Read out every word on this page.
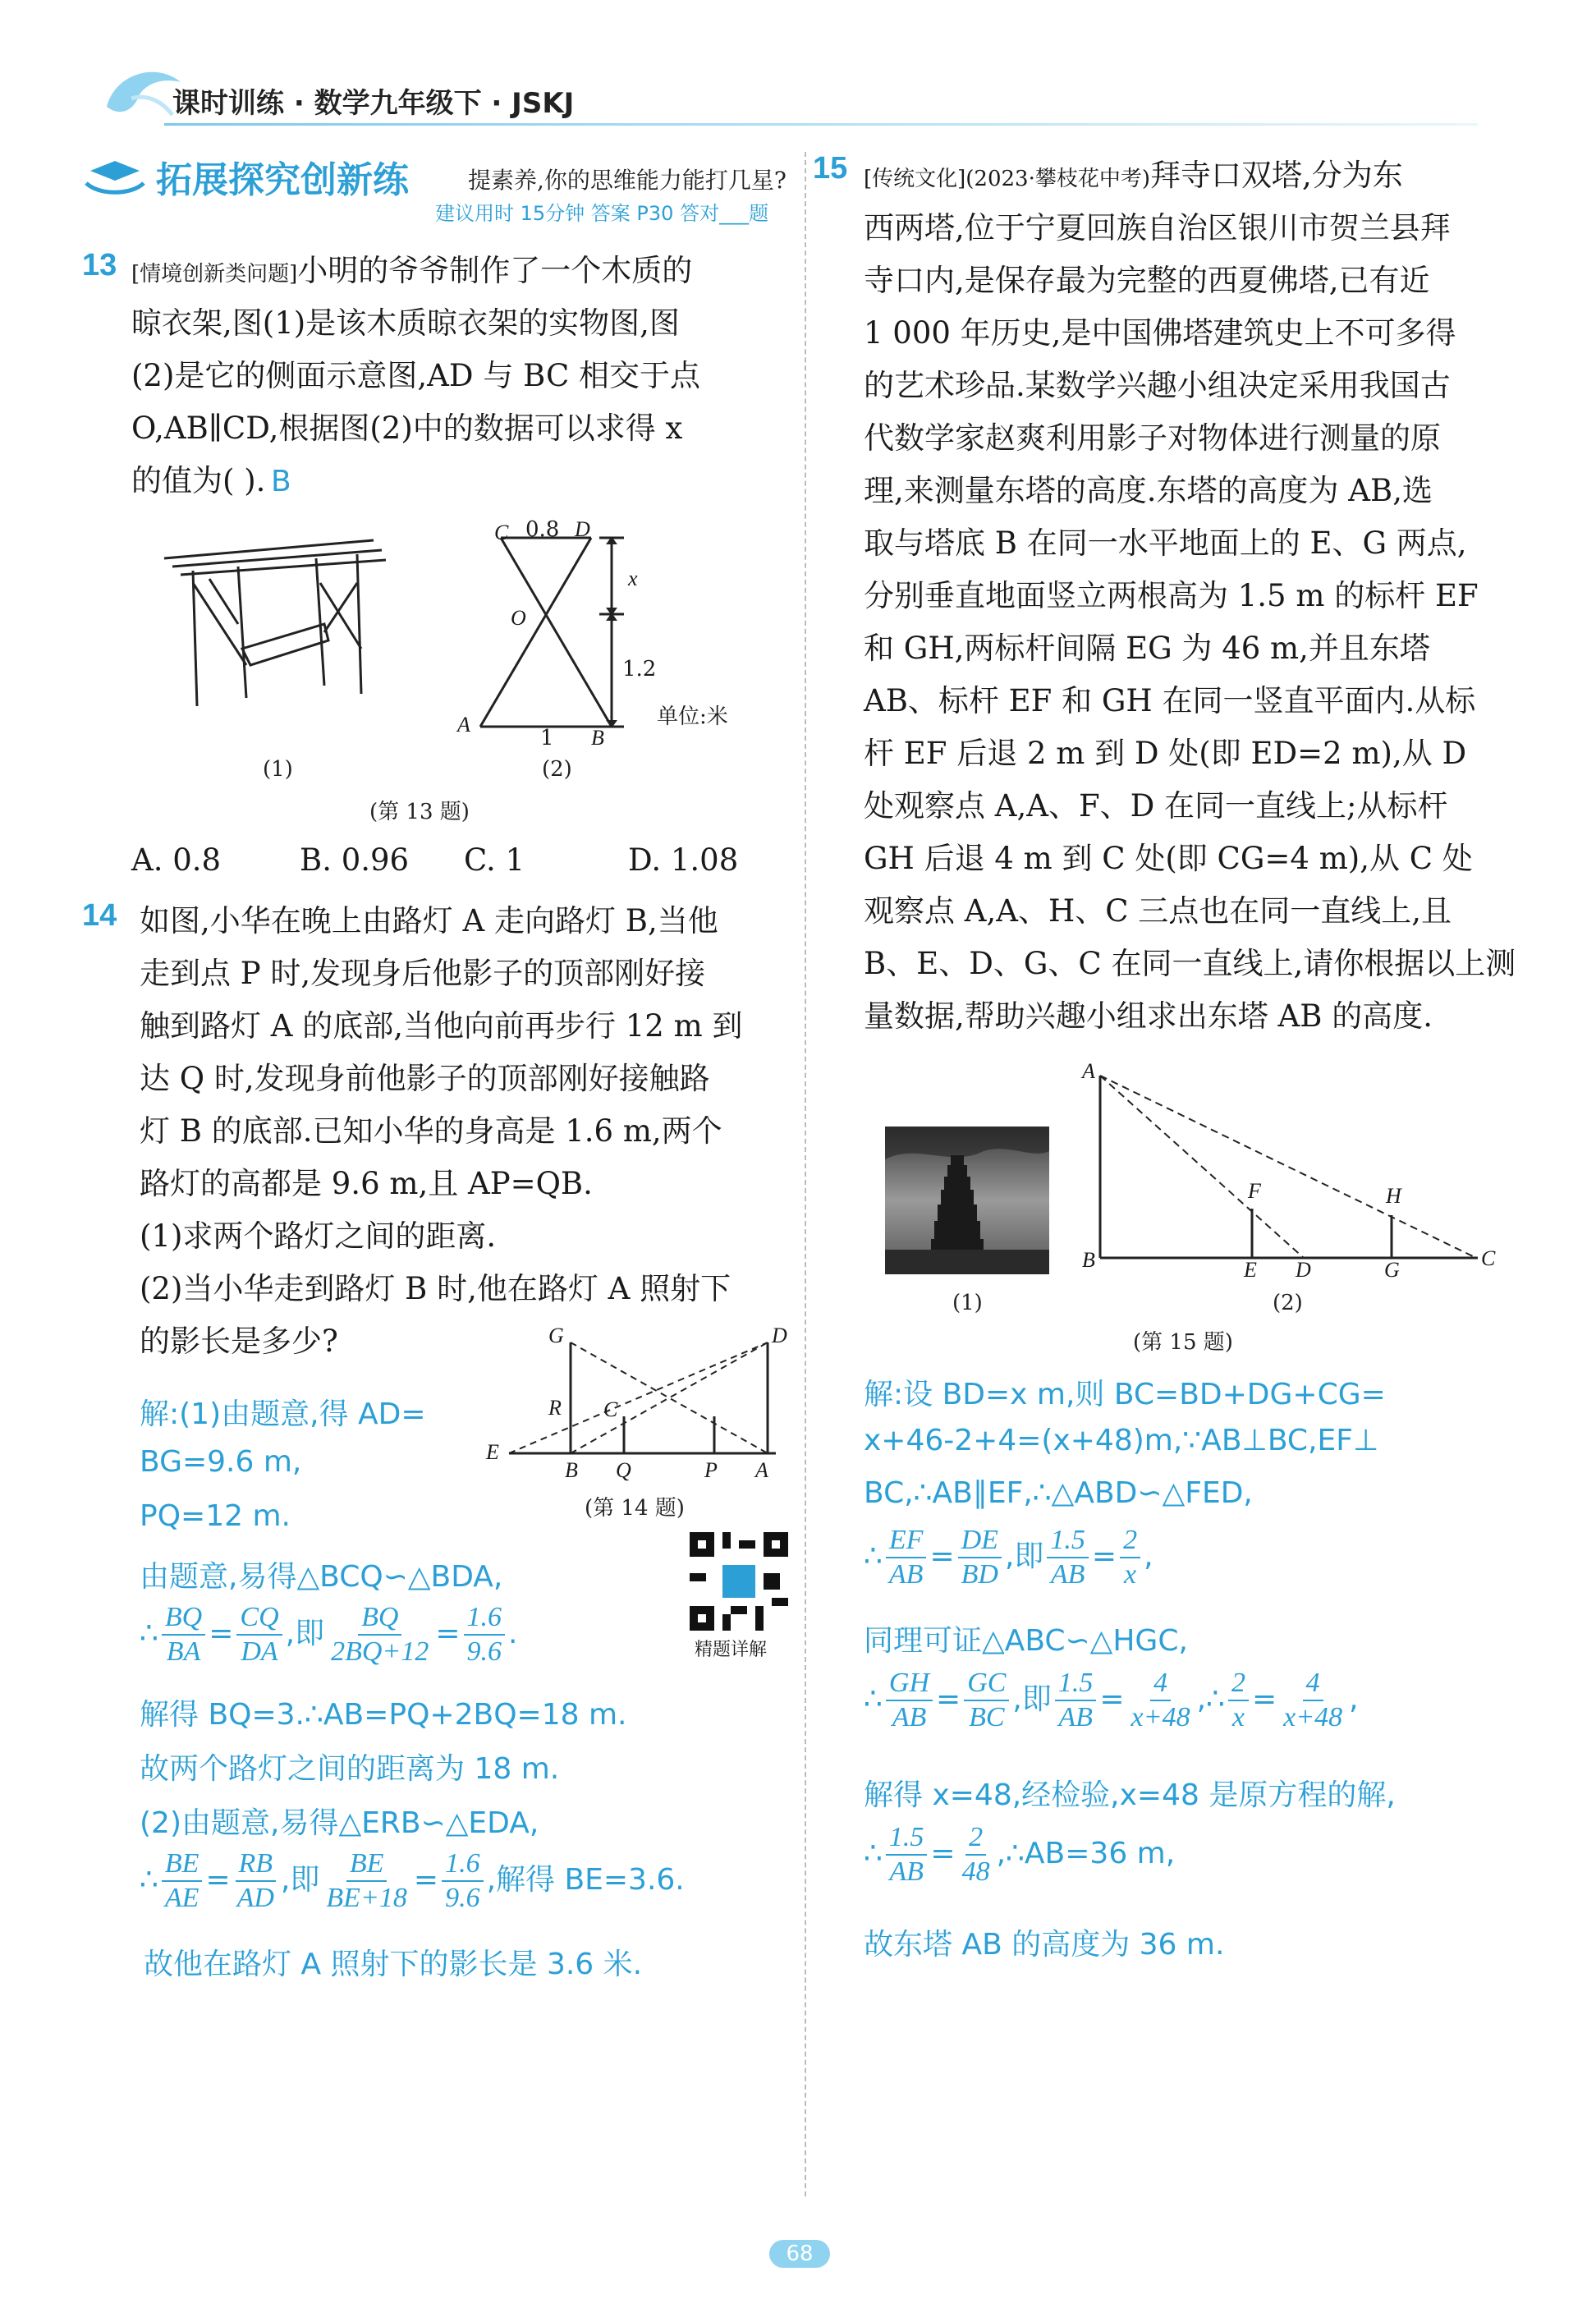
课时训练 · 数学九年级下 · JSKJ
拓展探究创新练	提素养,你的思维能力能打几星?
建议用时 15分钟 答案 P30 答对___题
13 [情境创新类问题]小明的爷爷制作了一个木质的
晾衣架,图(1)是该木质晾衣架的实物图,图
(2)是它的侧面示意图,AD 与 BC 相交于点
O,AB∥CD,根据图(2)中的数据可以求得 x
的值为( ). B
(1)
C 0.8 D
x
O
1.2
A
1 B
单位:米
(2)
(第 13 题)
A. 0.8	B. 0.96 C. 1	D. 1.08
14 如图,小华在晚上由路灯 A 走向路灯 B,当他
走到点 P 时,发现身后他影子的顶部刚好接
触到路灯 A 的底部,当他向前再步行 12 m 到
达 Q 时,发现身前他影子的顶部刚好接触路
灯 B 的底部.已知小华的身高是 1.6 m,两个
路灯的高都是 9.6 m,且 AP=QB.
(1)求两个路灯之间的距离.
(2)当小华走到路灯 B 时,他在路灯 A 照射下
的影长是多少?	G	D
R C
E
B Q	P A
(第 14 题)
精题详解
解:(1)由题意,得 AD=
BG=9.6 m,
PQ=12 m.
由题意,易得△BCQ∽△BDA,
∴ $\frac{BQ}{BA} = \frac{CQ}{DA}$ ,即 $\frac{BQ}{2BQ+12} = \frac{1.6}{9.6}$ .
解得 BQ=3.∴AB=PQ+2BQ=18 m.
故两个路灯之间的距离为 18 m.
(2)由题意,易得△ERB∽△EDA,
∴ $\frac{BE}{AE} = \frac{RB}{AD}$ ,即 $\frac{BE}{BE+18} = \frac{1.6}{9.6}$ ,解得 BE=3.6.
故他在路灯 A 照射下的影长是 3.6 米.
15 [传统文化](2023·攀枝花中考)拜寺口双塔,分为东
西两塔,位于宁夏回族自治区银川市贺兰县拜
寺口内,是保存最为完整的西夏佛塔,已有近
1 000 年历史,是中国佛塔建筑史上不可多得
的艺术珍品.某数学兴趣小组决定采用我国古
代数学家赵爽利用影子对物体进行测量的原
理,来测量东塔的高度.东塔的高度为 AB,选
取与塔底 B 在同一水平地面上的 E、G 两点,
分别垂直地面竖立两根高为 1.5 m 的标杆 EF
和 GH,两标杆间隔 EG 为 46 m,并且东塔
AB、标杆 EF 和 GH 在同一竖直平面内.从标
杆 EF 后退 2 m 到 D 处(即 ED=2 m),从 D
处观察点 A,A、F、D 在同一直线上;从标杆
GH 后退 4 m 到 C 处(即 CG=4 m),从 C 处
观察点 A,A、H、C 三点也在同一直线上,且
B、E、D、G、C 在同一直线上,请你根据以上测
量数据,帮助兴趣小组求出东塔 AB 的高度.
(1)
A
B
F	H
E D	G	C
(2)
(第 15 题)
解:设 BD=x m,则 BC=BD+DG+CG=
x+46-2+4=(x+48)m,∵AB⊥BC,EF⊥
BC,∴AB∥EF,∴△ABD∽△FED,
∴ $\frac{EF}{AB} = \frac{DE}{BD}$ ,即 $\frac{1.5}{AB} = \frac{2}{x}$ ,
同理可证△ABC∽△HGC,
∴ $\frac{GH}{AB} = \frac{GC}{BC}$ ,即 $\frac{1.5}{AB} = \frac{4}{x+48}$ ,∴ $\frac{2}{x} = \frac{4}{x+48}$ ,
解得 x=48,经检验,x=48 是原方程的解,
∴ $\frac{1.5}{AB} = \frac{2}{48}$ ,∴AB=36 m,
故东塔 AB 的高度为 36 m.
68
